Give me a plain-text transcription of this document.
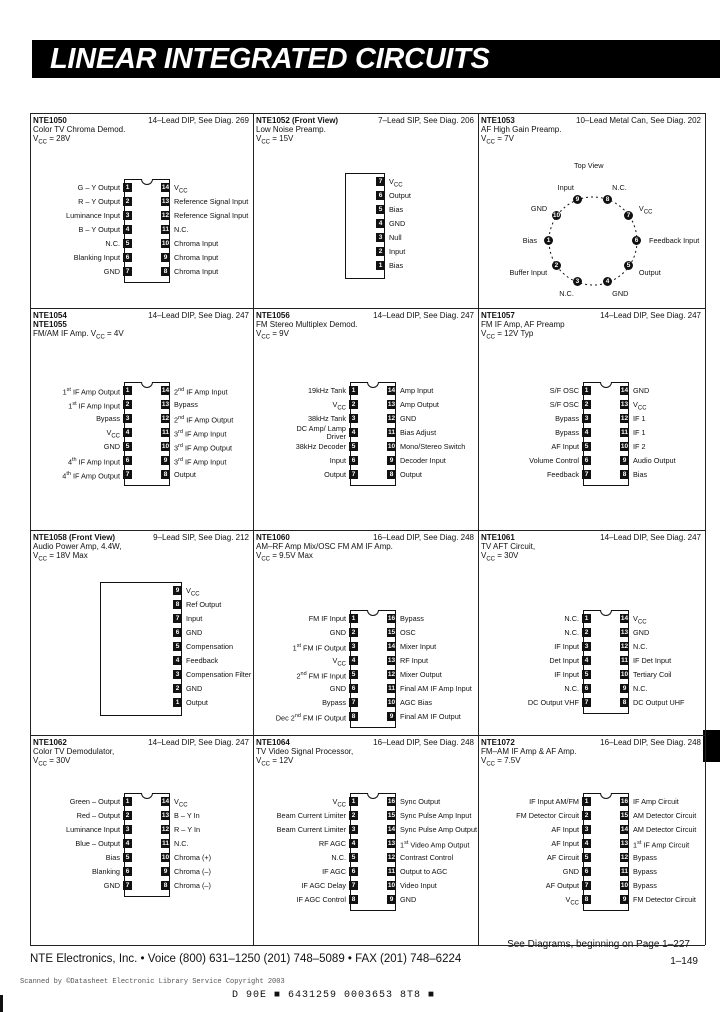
LINEAR INTEGRATED CIRCUITS
NTE Electronics, Inc. • Voice (800) 631–1250 (201) 748–5089 • FAX (201) 748–6224	1–149
Scanned by ©Datasheet Electronic Library Service Copyright 2003
D 90E ■ 6431259 0003653 8T8 ■
NTE1050
Color TV Chroma Demod.
$V_{CC} = 28V$
14–Lead DIP, See Diag. 269
1
G – Y Output
2
R – Y Output
3
Luminance Input
4
B – Y Output
5
N.C.
6
Blanking Input
7
GND
14 $V_{CC}$
13 Reference Signal Input
12 Reference Signal Input
11 N.C.
10 Chroma Input
9 Chroma Input
8 Chroma Input
NTE1052 (Front View)
Low Noise Preamp.
$V_{CC} = 15V$
7–Lead SIP, See Diag. 206
7 $V_{CC}$
6 Output
5 Bias
4 GND
3 Null
2 Input
1 Bias
NTE1053
AF High Gain Preamp.
$V_{CC} = 7V$
10–Lead Metal Can, See Diag. 202
Top View
1
Bias
2
Buffer Input
3
N.C.
4
GND
5
Output
6	Feedback Input
7
$V_{CC}$
8
N.C.
9
Input
10
GND
NTE1054
NTE1055
FM/AM IF Amp. $V_{CC} = 4V$
14–Lead DIP, See Diag. 247
1
1st IF Amp Output
2
1st IF Amp Input
3
Bypass
4
$V_{CC}$
5
GND
6
4th IF Amp Input
7
4th IF Amp Output
14 2nd IF Amp Input
13 Bypass
12 2nd IF Amp Output
11 3rd IF Amp Input
10 3rd IF Amp Output
9 3rd IF Amp Input
8 Output
NTE1056
FM Stereo Multiplex Demod.
$V_{CC} = 9V$
14–Lead DIP, See Diag. 247
1
19kHz Tank
2
$V_{CC}$
3
38kHz Tank
4
DC Amp/ Lamp Driver
5
38kHz Decoder
6
Input
7
Output
14 Amp Input
13 Amp Output
12 GND
11 Bias Adjust
10 Mono/Stereo Switch
9 Decoder Input
8 Output
NTE1057
FM IF Amp, AF Preamp
$V_{CC} = 12V$ Typ
14–Lead DIP, See Diag. 247
1
S/F OSC
2
S/F OSC
3
Bypass
4
Bypass
5
AF Input
6
Volume Control
7
Feedback
14 GND
13 $V_{CC}$
12 IF 1
11 IF 1
10 IF 2
9 Audio Output
8 Bias
NTE1058 (Front View)
Audio Power Amp, 4.4W,
$V_{CC} = 18V$ Max
9–Lead SIP, See Diag. 212
9 $V_{CC}$
8 Ref Output
7 Input
6 GND
5 Compensation
4 Feedback
3 Compensation Filter
2 GND
1 Output
NTE1060
AM–RF Amp Mix/OSC FM AM IF Amp.
$V_{CC} = 9.5V$ Max
16–Lead DIP, See Diag. 248
1
FM IF Input
2
GND
3
1st FM IF Output
4
$V_{CC}$
5
2nd FM IF Input
6
GND
7
Bypass
8
Dec 2nd FM IF Output
16 Bypass
15 OSC
14 Mixer Input
13 RF Input
12 Mixer Output
11 Final AM IF Amp Input
10 AGC Bias
9 Final AM IF Output
NTE1061
TV AFT Circuit,
$V_{CC} = 30V$
14–Lead DIP, See Diag. 247
1
N.C.
2
N.C.
3
IF Input
4
Det Input
5
IF Input
6
N.C.
7
DC Output VHF
14 $V_{CC}$
13 GND
12 N.C.
11 IF Det Input
10 Tertiary Coil
9 N.C.
8 DC Output UHF
NTE1062
Color TV Demodulator,
$V_{CC} = 30V$
14–Lead DIP, See Diag. 247
1
Green – Output
2
Red – Output
3
Luminance Input
4
Blue – Output
5
Bias
6
Blanking
7
GND
14 $V_{CC}$
13 B – Y In
12 R – Y In
11 N.C.
10 Chroma (+)
9 Chroma (–)
8 Chroma (–)
NTE1064
TV Video Signal Processor,
$V_{CC} = 12V$
16–Lead DIP, See Diag. 248
1
$V_{CC}$
2
Beam Current Limiter
3
Beam Current Limiter
4
RF AGC
5
N.C.
6
IF AGC
7
IF AGC Delay
8
IF AGC Control
16 Sync Output
15 Sync Pulse Amp Input
14 Sync Pulse Amp Output
13 1st Video Amp Output
12 Contrast Control
11 Output to AGC
10 Video Input
9 GND
NTE1072
FM–AM IF Amp & AF Amp.
$V_{CC} = 7.5V$
16–Lead DIP, See Diag. 248
1
IF Input AM/FM
2
FM Detector Circuit
3
AF Input
4
AF Input
5
AF Circuit
6
GND
7
AF Output
8
$V_{CC}$
16 IF Amp Circuit
15 AM Detector Circuit
14 AM Detector Circuit
13 1st IF Amp Circuit
12 Bypass
11 Bypass
10 Bypass
9 FM Detector Circuit
